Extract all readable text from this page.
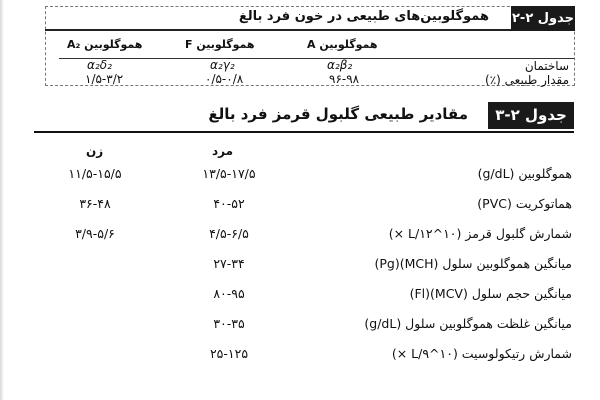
جدول ۲-۲
هموگلوبین‌های طبیعی در خون فرد بالغ
هموگلوبین A
هموگلوبین F
هموگلوبین A₂
ساختمان
α₂β₂
α₂γ₂
α₂δ₂
مقدار طبیعی (٪)
۹۶-۹۸
۰/۵-۰/۸
۱/۵-۳/۲
جدول ۲-۳
مقادیر طبیعی گلبول قرمز فرد بالغ
مرد
زن
هموگلوبین (g/dL)
۱۳/۵-۱۷/۵
۱۱/۵-۱۵/۵
هماتوکریت (PVC)
۴۰-۵۲
۳۶-۴۸
شمارش گلبول قرمز (L/۱۲^۱۰ ×)
۴/۵-۶/۵
۳/۹-۵/۶
میانگین هموگلوبین سلول (MCH)(Pg)
۲۷-۳۴
میانگین حجم سلول (MCV)(Fl)
۸۰-۹۵
میانگین غلظت هموگلوبین سلول (g/dL)
۳۰-۳۵
شمارش رتیکولوسیت (L/۹^۱۰ ×)
۲۵-۱۲۵
